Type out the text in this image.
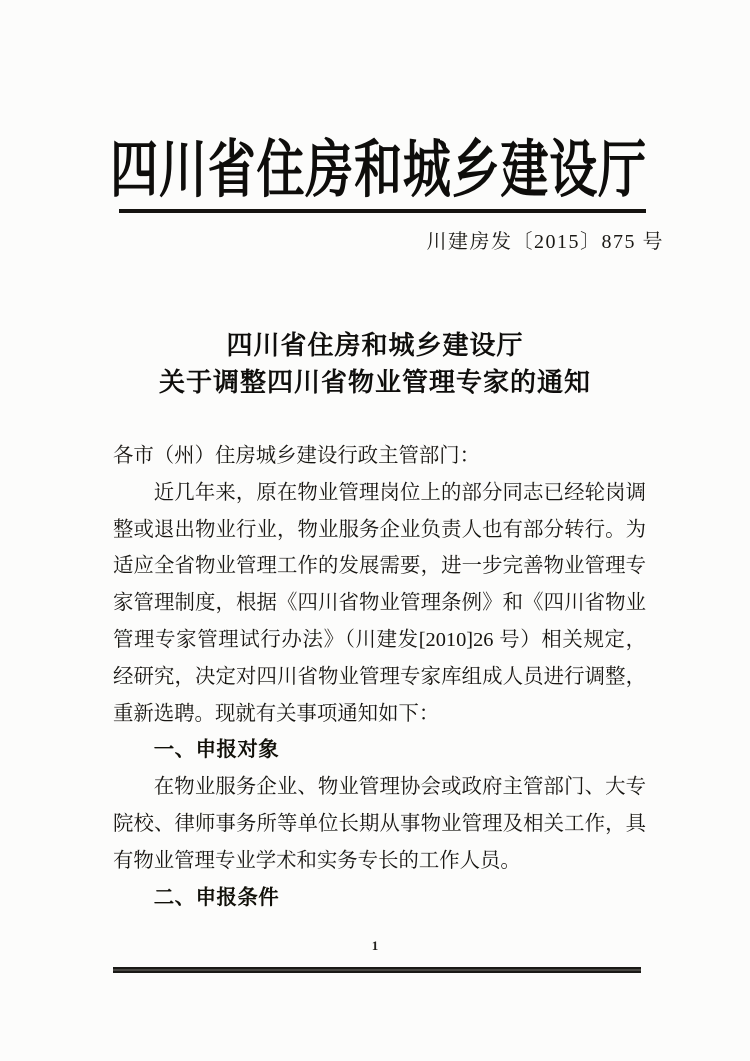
四川省住房和城乡建设厅
川建房发〔2015〕875 号
四川省住房和城乡建设厅
关于调整四川省物业管理专家的通知

各市（州）住房城乡建设行政主管部门：

近几年来，原在物业管理岗位上的部分同志已经轮岗调整或退出物业行业，物业服务企业负责人也有部分转行。为适应全省物业管理工作的发展需要，进一步完善物业管理专家管理制度，根据《四川省物业管理条例》和《四川省物业管理专家管理试行办法》（川建发[2010]26 号）相关规定，经研究，决定对四川省物业管理专家库组成人员进行调整，重新选聘。现就有关事项通知如下：

一、申报对象

在物业服务企业、物业管理协会或政府主管部门、大专院校、律师事务所等单位长期从事物业管理及相关工作，具有物业管理专业学术和实务专长的工作人员。

二、申报条件

1
